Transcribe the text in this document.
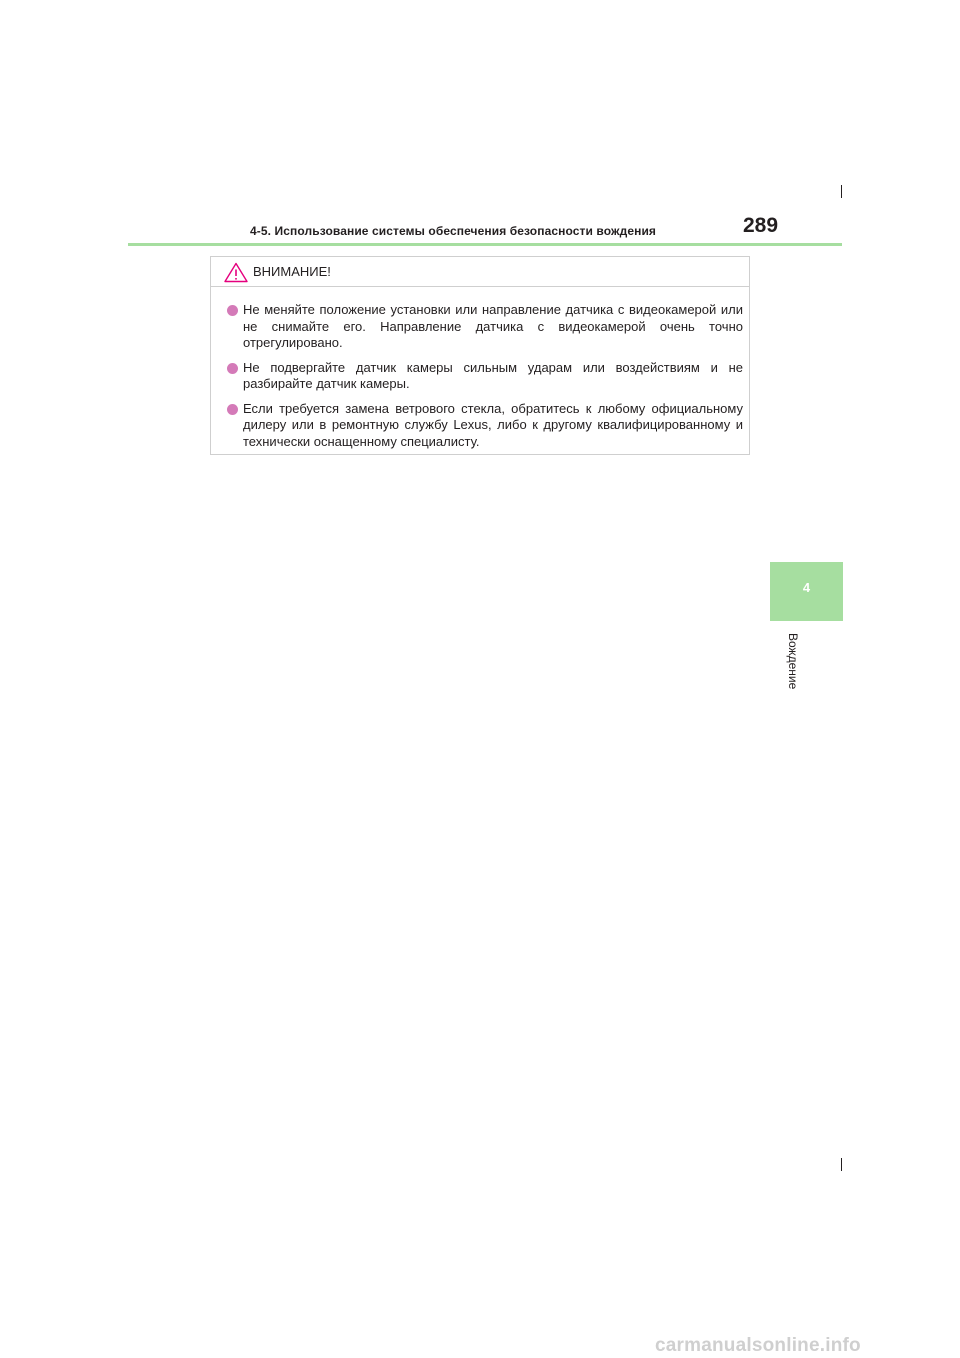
4-5. Использование системы обеспечения безопасности вождения	289
ВНИМАНИЕ!
Не меняйте положение установки или направление датчика с видеокамерой или не снимайте его. Направление датчика с видеокамерой очень точно отрегулировано.
Не подвергайте датчик камеры сильным ударам или воздействиям и не разбирайте датчик камеры.
Если требуется замена ветрового стекла, обратитесь к любому официальному дилеру или в ремонтную службу Lexus, либо к другому квалифицированному и технически оснащенному специалисту.
4
Вождение
carmanualsonline.info
